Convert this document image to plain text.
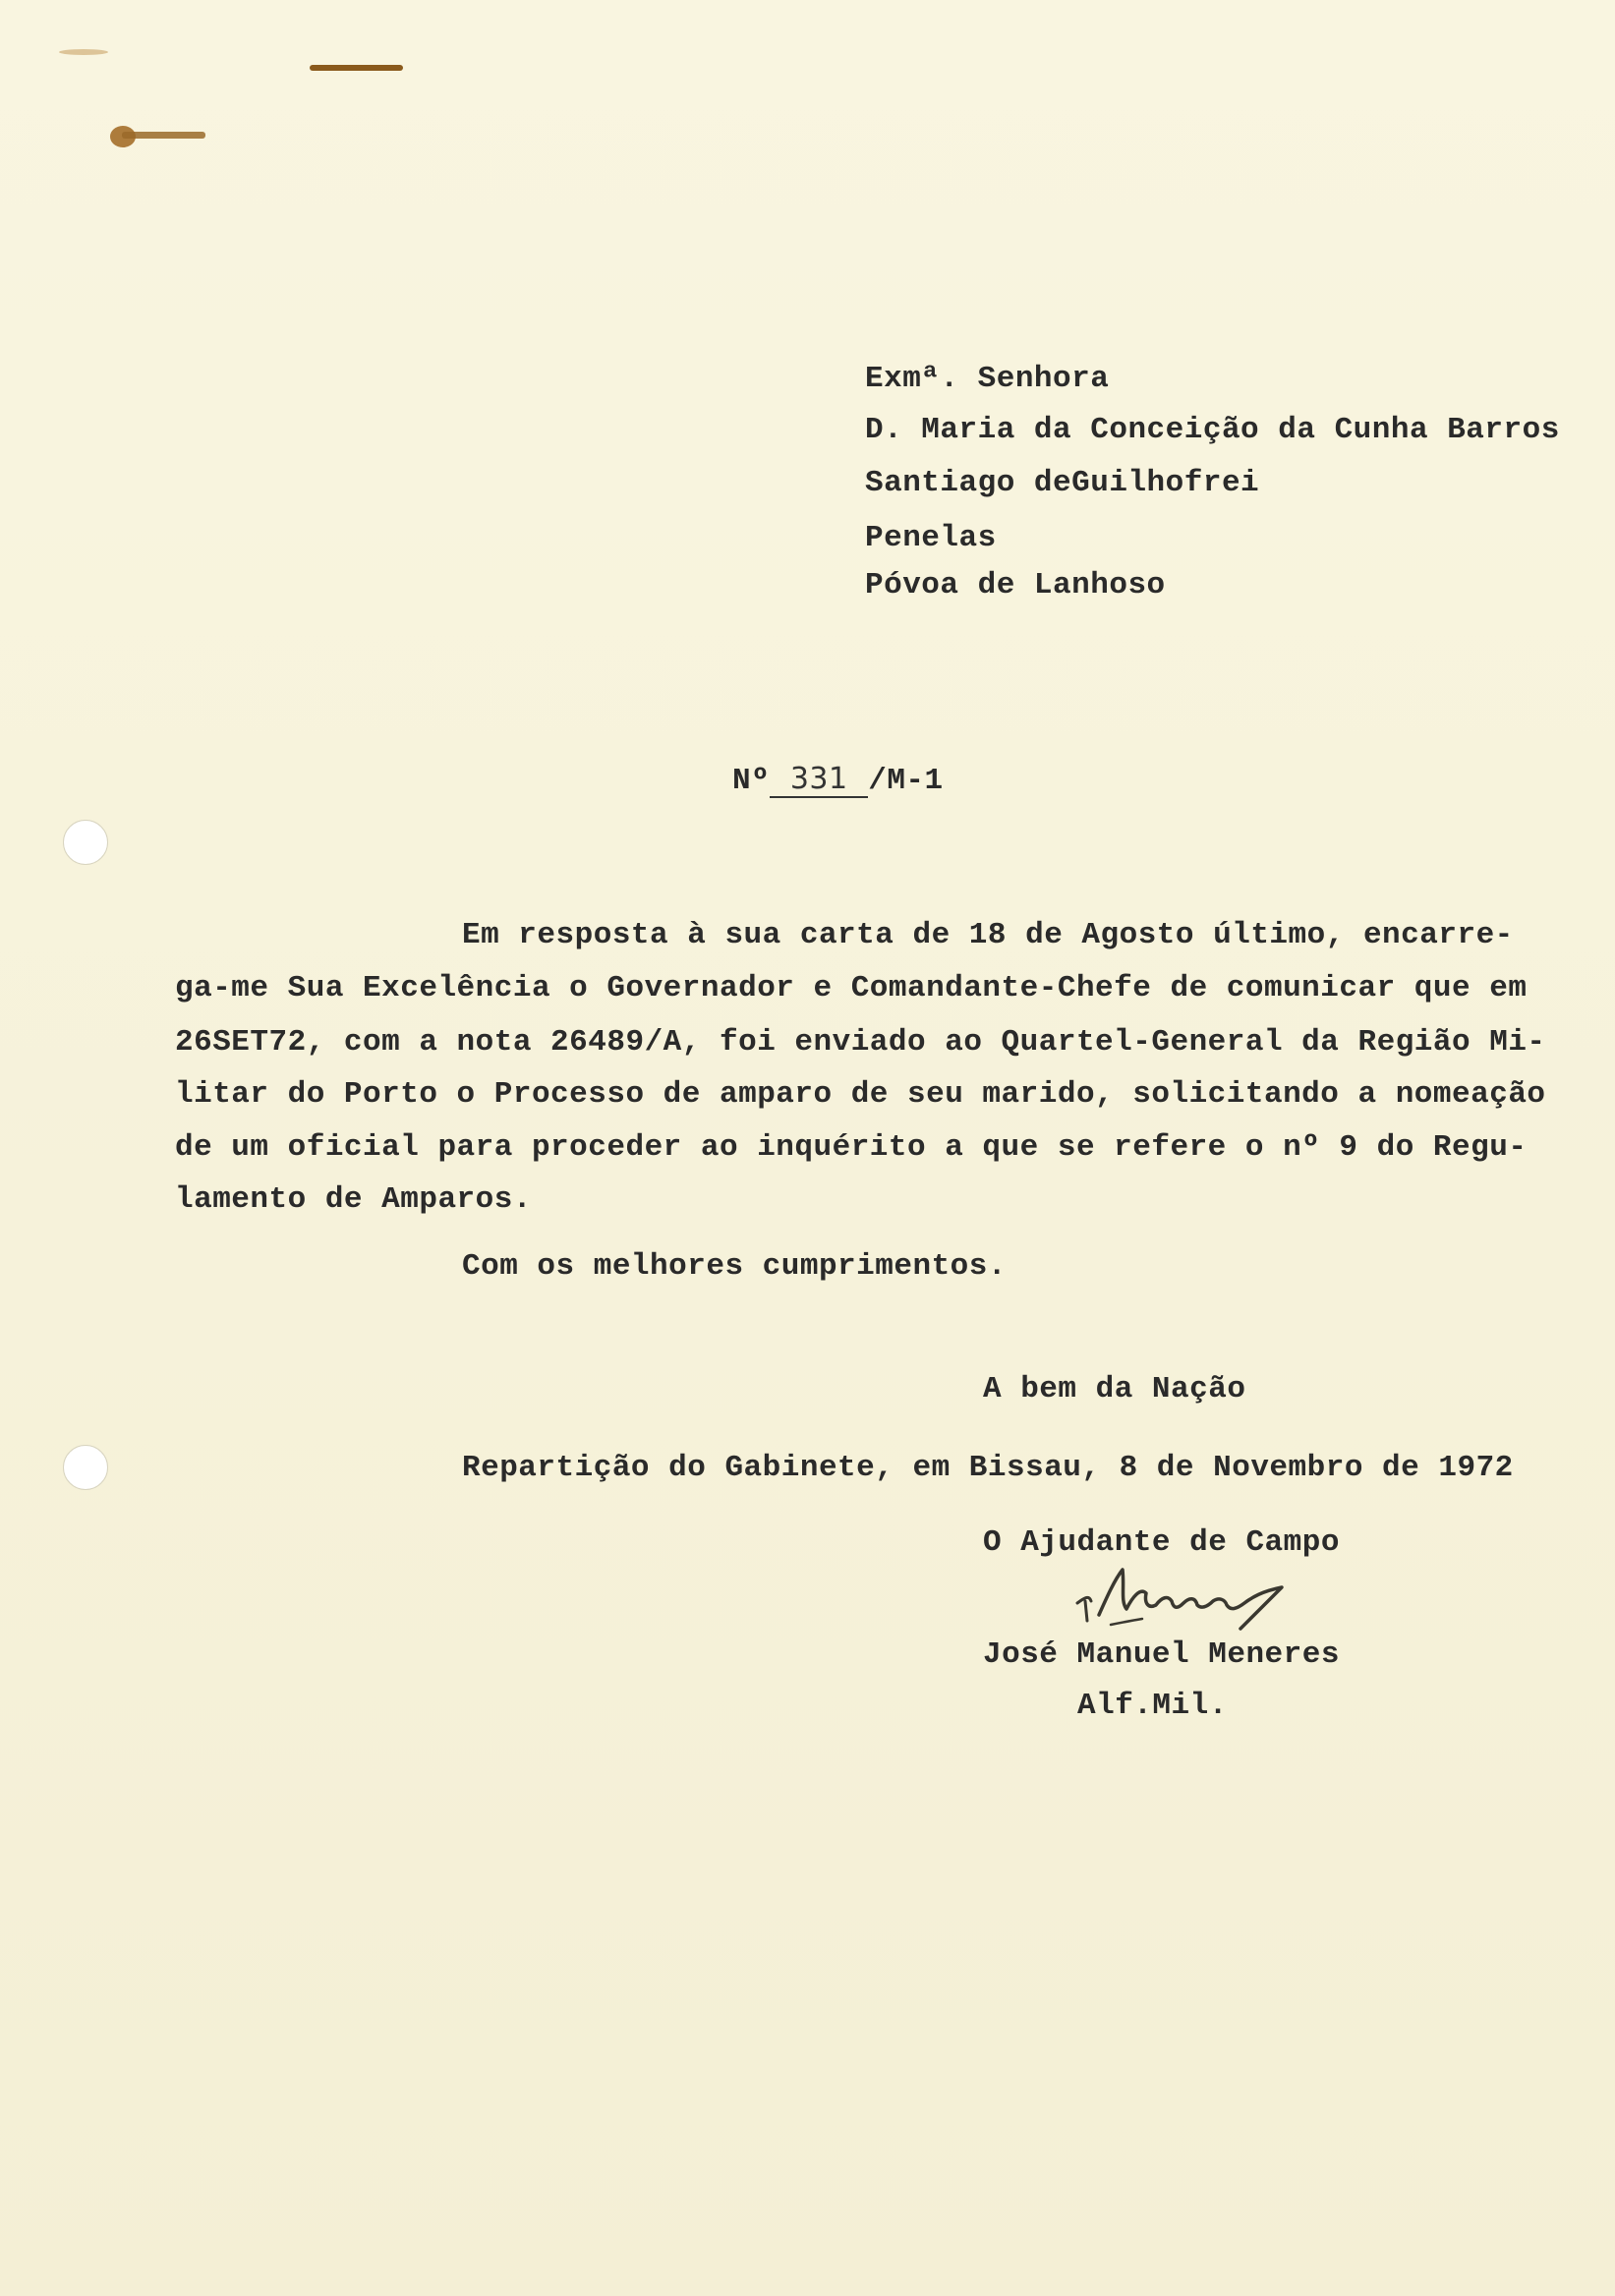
Exmª. Senhora
D. Maria da Conceição da Cunha Barros
Santiago deGuilhofrei
Penelas
Póvoa de Lanhoso
Nº 331 /M-1
Em resposta à sua carta de 18 de Agosto último, encarre-
ga-me Sua Excelência o Governador e Comandante-Chefe de comunicar que em
26SET72, com a nota 26489/A, foi enviado ao Quartel-General da Região Mi-
litar do Porto o Processo de amparo de seu marido, solicitando a nomeação
de um oficial para proceder ao inquérito a que se refere o nº 9 do Regu-
lamento de Amparos.
Com os melhores cumprimentos.
A bem da Nação
Repartição do Gabinete, em Bissau, 8 de Novembro de 1972
O Ajudante de Campo
José Manuel Meneres
Alf.Mil.
